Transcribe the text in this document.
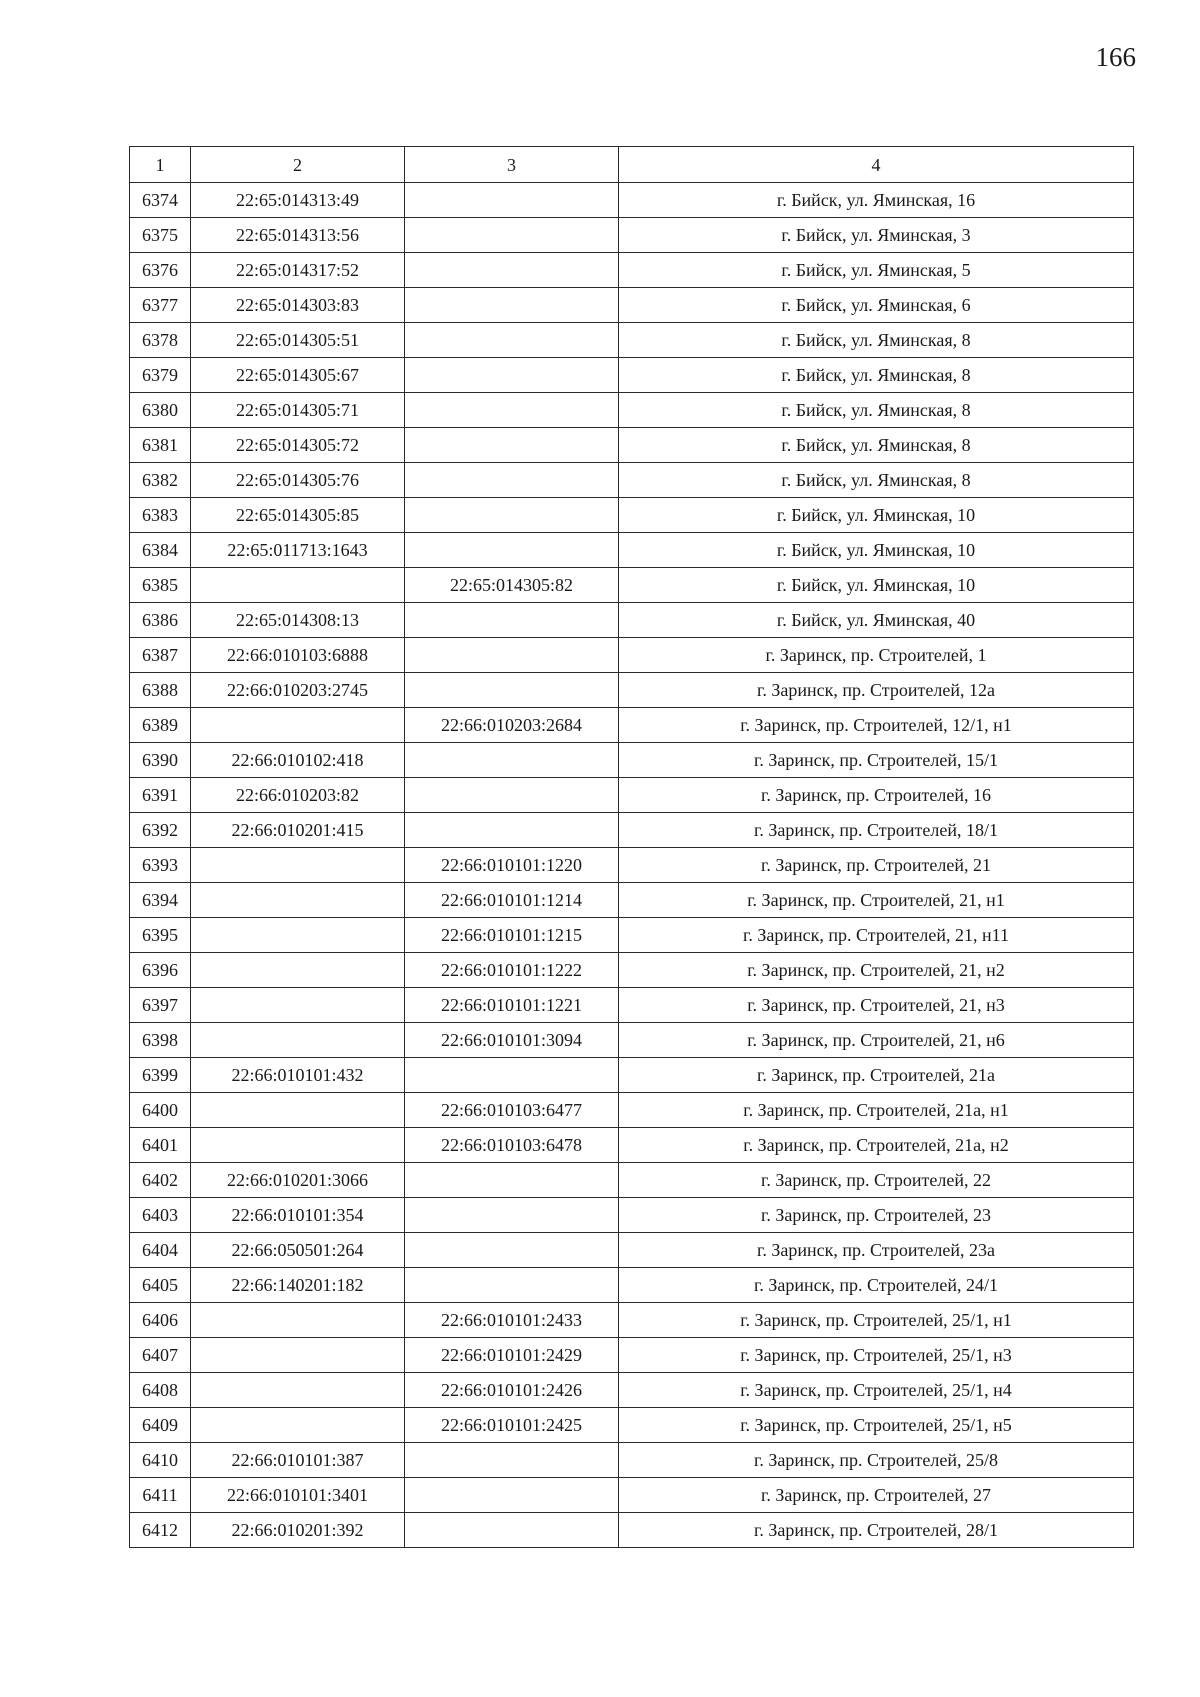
166
1	2	3	4
6374	22:65:014313:49		г. Бийск, ул. Яминская, 16
6375	22:65:014313:56		г. Бийск, ул. Яминская, 3
6376	22:65:014317:52		г. Бийск, ул. Яминская, 5
6377	22:65:014303:83		г. Бийск, ул. Яминская, 6
6378	22:65:014305:51		г. Бийск, ул. Яминская, 8
6379	22:65:014305:67		г. Бийск, ул. Яминская, 8
6380	22:65:014305:71		г. Бийск, ул. Яминская, 8
6381	22:65:014305:72		г. Бийск, ул. Яминская, 8
6382	22:65:014305:76		г. Бийск, ул. Яминская, 8
6383	22:65:014305:85		г. Бийск, ул. Яминская, 10
6384	22:65:011713:1643		г. Бийск, ул. Яминская, 10
6385		22:65:014305:82	г. Бийск, ул. Яминская, 10
6386	22:65:014308:13		г. Бийск, ул. Яминская, 40
6387	22:66:010103:6888		г. Заринск, пр. Строителей, 1
6388	22:66:010203:2745		г. Заринск, пр. Строителей, 12а
6389		22:66:010203:2684	г. Заринск, пр. Строителей, 12/1, н1
6390	22:66:010102:418		г. Заринск, пр. Строителей, 15/1
6391	22:66:010203:82		г. Заринск, пр. Строителей, 16
6392	22:66:010201:415		г. Заринск, пр. Строителей, 18/1
6393		22:66:010101:1220	г. Заринск, пр. Строителей, 21
6394		22:66:010101:1214	г. Заринск, пр. Строителей, 21, н1
6395		22:66:010101:1215	г. Заринск, пр. Строителей, 21, н11
6396		22:66:010101:1222	г. Заринск, пр. Строителей, 21, н2
6397		22:66:010101:1221	г. Заринск, пр. Строителей, 21, н3
6398		22:66:010101:3094	г. Заринск, пр. Строителей, 21, н6
6399	22:66:010101:432		г. Заринск, пр. Строителей, 21а
6400		22:66:010103:6477	г. Заринск, пр. Строителей, 21а, н1
6401		22:66:010103:6478	г. Заринск, пр. Строителей, 21а, н2
6402	22:66:010201:3066		г. Заринск, пр. Строителей, 22
6403	22:66:010101:354		г. Заринск, пр. Строителей, 23
6404	22:66:050501:264		г. Заринск, пр. Строителей, 23а
6405	22:66:140201:182		г. Заринск, пр. Строителей, 24/1
6406		22:66:010101:2433	г. Заринск, пр. Строителей, 25/1, н1
6407		22:66:010101:2429	г. Заринск, пр. Строителей, 25/1, н3
6408		22:66:010101:2426	г. Заринск, пр. Строителей, 25/1, н4
6409		22:66:010101:2425	г. Заринск, пр. Строителей, 25/1, н5
6410	22:66:010101:387		г. Заринск, пр. Строителей, 25/8
6411	22:66:010101:3401		г. Заринск, пр. Строителей, 27
6412	22:66:010201:392		г. Заринск, пр. Строителей, 28/1
